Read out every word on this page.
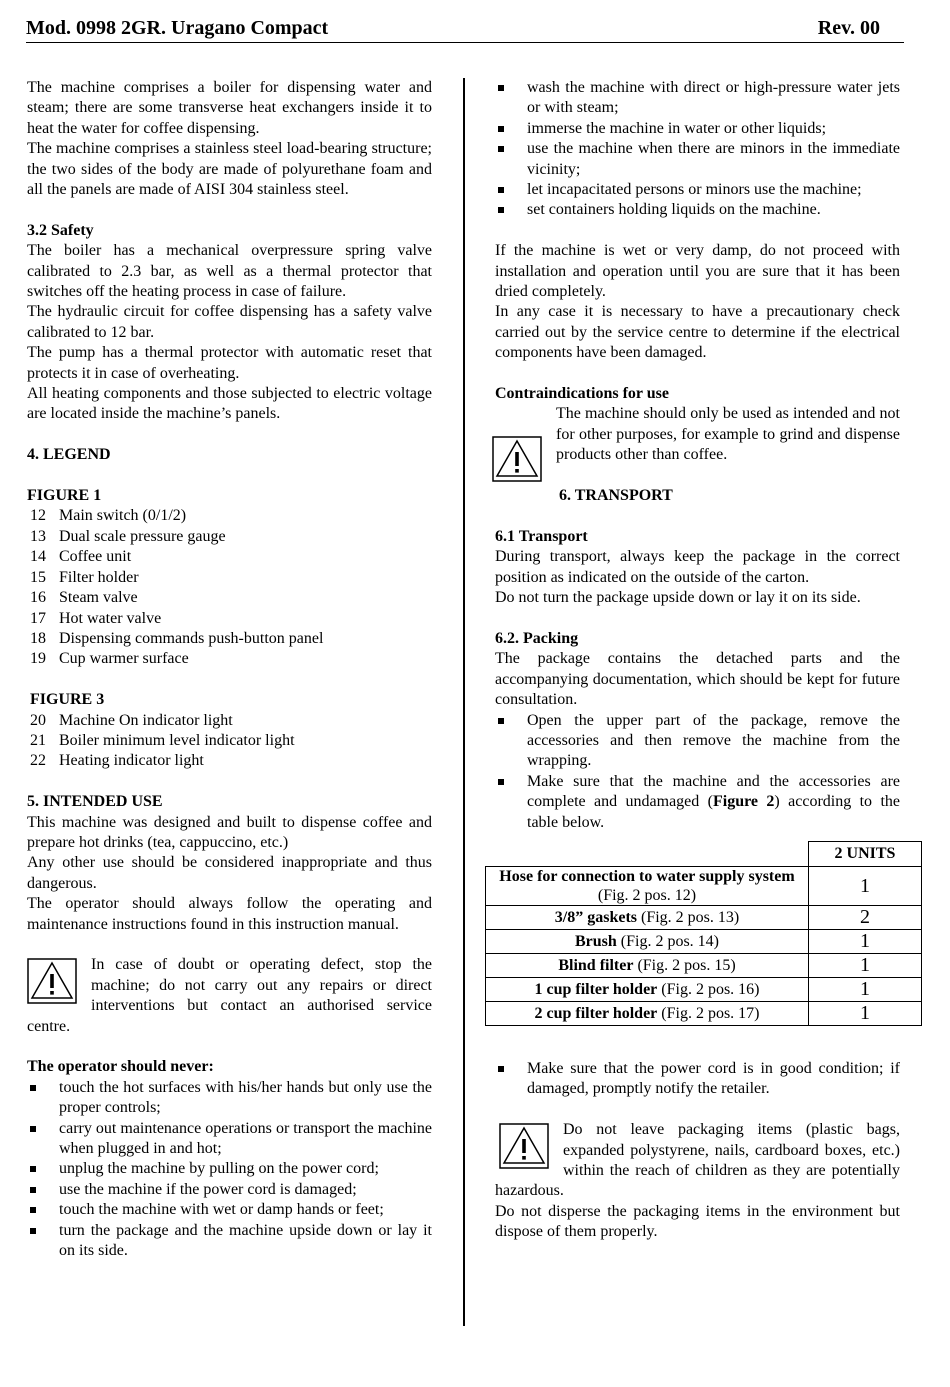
Mod. 0998 2GR. Uragano Compact	Rev. 00

The machine comprises a boiler for dispensing water and steam; there are some transverse heat exchangers inside it to heat the water for coffee dispensing.

The machine comprises a stainless steel load-bearing structure; the two sides of the body are made of polyurethane foam and all the panels are made of AISI 304 stainless steel.

3.2 Safety

The boiler has a mechanical overpressure spring valve calibrated to 2.3 bar, as well as a thermal protector that switches off the heating process in case of failure.

The hydraulic circuit for coffee dispensing has a safety valve calibrated to 12 bar.

The pump has a thermal protector with automatic reset that protects it in case of overheating.

All heating components and those subjected to electric voltage are located inside the machine’s panels.

4. LEGEND
FIGURE 1
12 Main switch (0/1/2)
13 Dual scale pressure gauge
14 Coffee unit
15 Filter holder
16 Steam valve
17 Hot water valve
18 Dispensing commands push-button panel
19 Cup warmer surface
FIGURE 3
20 Machine On indicator light
21 Boiler minimum level indicator light
22 Heating indicator light
5. INTENDED USE

This machine was designed and built to dispense coffee and prepare hot drinks (tea, cappuccino, etc.)

Any other use should be considered inappropriate and thus dangerous.

The operator should always follow the operating and maintenance instructions found in this instruction manual.

In case of doubt or operating defect, stop the machine; do not carry out any repairs or direct interventions but contact an authorised service centre.

The operator should never:
touch the hot surfaces with his/her hands but only use the proper controls;
carry out maintenance operations or transport the machine when plugged in and hot;
unplug the machine by pulling on the power cord;
use the machine if the power cord is damaged;
touch the machine with wet or damp hands or feet;
turn the package and the machine upside down or lay it on its side.
wash the machine with direct or high-pressure water jets or with steam;
immerse the machine in water or other liquids;
use the machine when there are minors in the immediate vicinity;
let incapacitated persons or minors use the machine;
set containers holding liquids on the machine.

If the machine is wet or very damp, do not proceed with installation and operation until you are sure that it has been dried completely.

In any case it is necessary to have a precautionary check carried out by the service centre to determine if the electrical components have been damaged.

Contraindications for use

The machine should only be used as intended and not for other purposes, for example to grind and dispense products other than coffee.

6. TRANSPORT
6.1 Transport

During transport, always keep the package in the correct position as indicated on the outside of the carton.

Do not turn the package upside down or lay it on its side.

6.2. Packing

The package contains the detached parts and the accompanying documentation, which should be kept for future consultation.

Open the upper part of the package, remove the accessories and then remove the machine from the wrapping.
Make sure that the machine and the accessories are complete and undamaged (Figure 2) according to the table below.
	2 UNITS
Hose for connection to water supply system (Fig. 2 pos. 12)	1
3/8” gaskets (Fig. 2 pos. 13)	2
Brush (Fig. 2 pos. 14)	1
Blind filter (Fig. 2 pos. 15)	1
1 cup filter holder (Fig. 2 pos. 16)	1
2 cup filter holder (Fig. 2 pos. 17)	1
Make sure that the power cord is in good condition; if damaged, promptly notify the retailer.

Do not leave packaging items (plastic bags, expanded polystyrene, nails, cardboard boxes, etc.) within the reach of children as they are potentially hazardous.

Do not disperse the packaging items in the environment but dispose of them properly.
